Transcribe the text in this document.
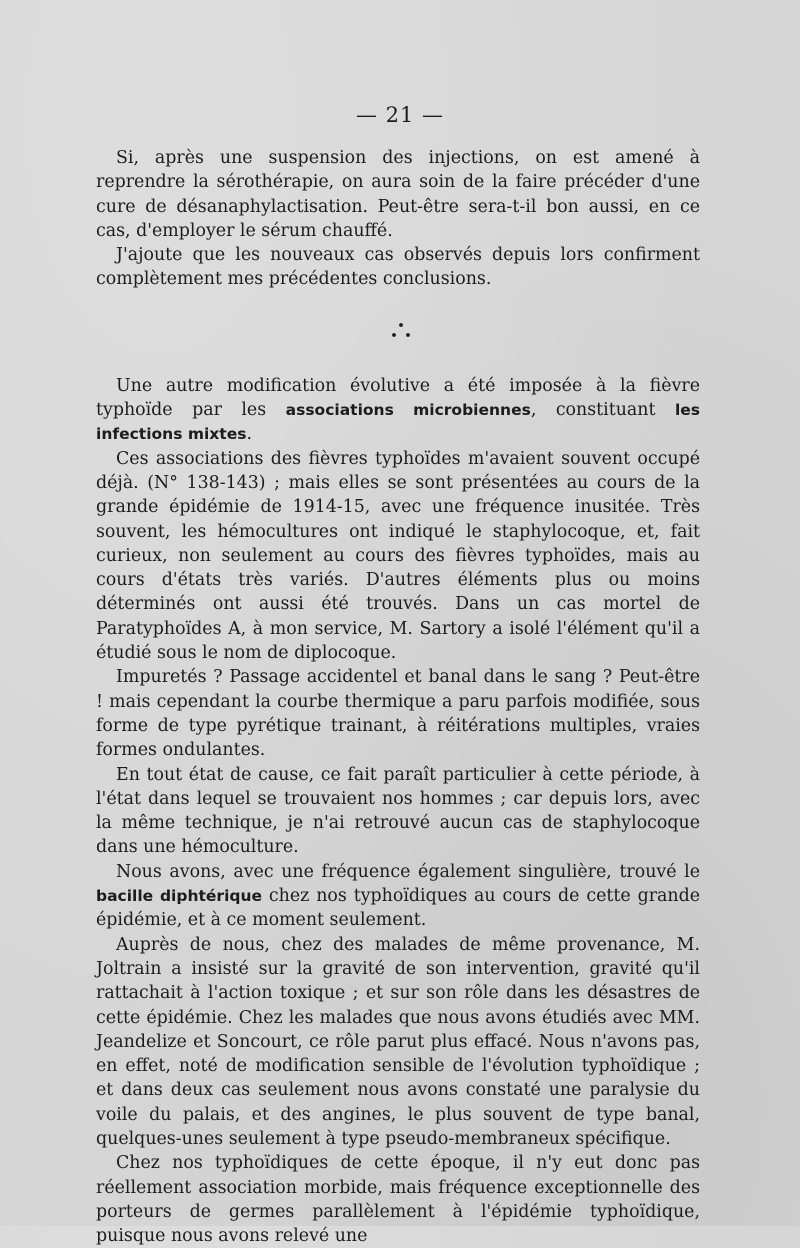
— 21 —

Si, après une suspension des injections, on est amené à reprendre la sérothérapie, on aura soin de la faire précéder d'une cure de désanaphylactisation. Peut-être sera-t-il bon aussi, en ce cas, d'employer le sérum chauffé.

J'ajoute que les nouveaux cas observés depuis lors confirment complètement mes précédentes conclusions.

Une autre modification évolutive a été imposée à la fièvre typhoïde par les associations microbiennes, constituant les infections mixtes.

Ces associations des fièvres typhoïdes m'avaient souvent occupé déjà. (N° 138-143) ; mais elles se sont présentées au cours de la grande épidémie de 1914-15, avec une fréquence inusitée. Très souvent, les hémocultures ont indiqué le staphylocoque, et, fait curieux, non seulement au cours des fièvres typhoïdes, mais au cours d'états très variés. D'autres éléments plus ou moins déterminés ont aussi été trouvés. Dans un cas mortel de Paratyphoïdes A, à mon service, M. Sartory a isolé l'élément qu'il a étudié sous le nom de diplocoque.

Impuretés ? Passage accidentel et banal dans le sang ? Peut-être ! mais cependant la courbe thermique a paru parfois modifiée, sous forme de type pyrétique trainant, à réitérations multiples, vraies formes ondulantes.

En tout état de cause, ce fait paraît particulier à cette période, à l'état dans lequel se trouvaient nos hommes ; car depuis lors, avec la même technique, je n'ai retrouvé aucun cas de staphylocoque dans une hémoculture.

Nous avons, avec une fréquence également singulière, trouvé le bacille diphtérique chez nos typhoïdiques au cours de cette grande épidémie, et à ce moment seulement.

Auprès de nous, chez des malades de même provenance, M. Joltrain a insisté sur la gravité de son intervention, gravité qu'il rattachait à l'action toxique ; et sur son rôle dans les désastres de cette épidémie. Chez les malades que nous avons étudiés avec MM. Jeandelize et Soncourt, ce rôle parut plus effacé. Nous n'avons pas, en effet, noté de modification sensible de l'évolution typhoïdique ; et dans deux cas seulement nous avons constaté une paralysie du voile du palais, et des angines, le plus souvent de type banal, quelques-unes seulement à type pseudo-membraneux spécifique.

Chez nos typhoïdiques de cette époque, il n'y eut donc pas réellement association morbide, mais fréquence exceptionnelle des porteurs de germes parallèlement à l'épidémie typhoïdique, puisque nous avons relevé une
